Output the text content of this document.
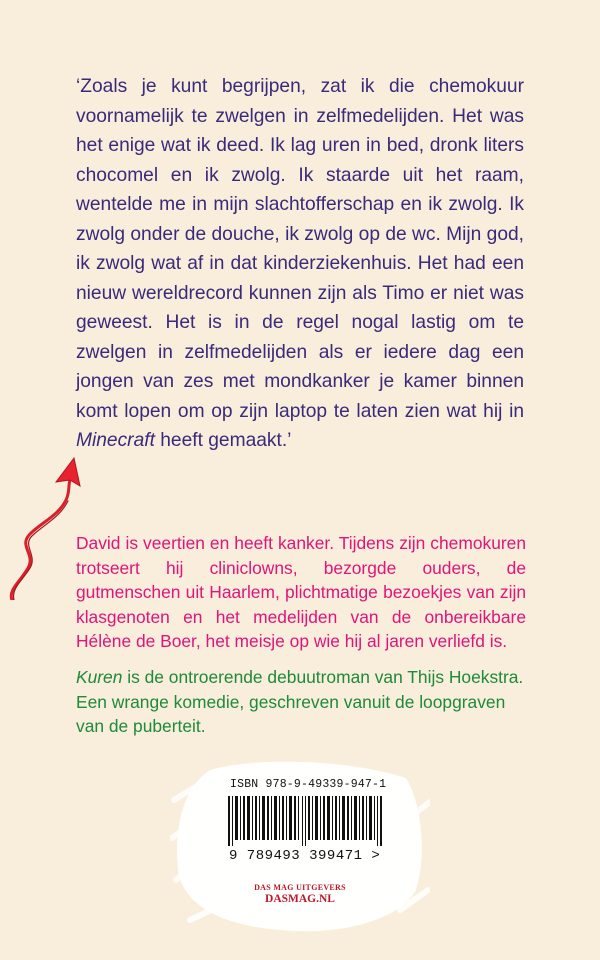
‘Zoals je kunt begrijpen, zat ik die chemokuur voornamelijk te zwelgen in zelfmedelijden. Het was het enige wat ik deed. Ik lag uren in bed, dronk liters chocomel en ik zwolg. Ik staarde uit het raam, wentelde me in mijn slachtofferschap en ik zwolg. Ik zwolg onder de douche, ik zwolg op de wc. Mijn god, ik zwolg wat af in dat kinderziekenhuis. Het had een nieuw wereldrecord kunnen zijn als Timo er niet was geweest. Het is in de regel nogal lastig om te zwelgen in zelfmedelijden als er iedere dag een jongen van zes met mondkanker je kamer binnen komt lopen om op zijn laptop te laten zien wat hij in Minecraft heeft gemaakt.’

David is veertien en heeft kanker. Tijdens zijn chemokuren trotseert hij cliniclowns, bezorgde ouders, de gutmenschen uit Haarlem, plichtmatige bezoekjes van zijn klasgenoten en het medelijden van de onbereikbare Hélène de Boer, het meisje op wie hij al jaren verliefd is.

Kuren is de ontroerende debuutroman van Thijs Hoekstra. Een wrange komedie, geschreven vanuit de loopgraven van de puberteit.

ISBN 978-9-49339-947-1

9 789493 399471 >

DAS MAG UITGEVERS

DASMAG.NL
